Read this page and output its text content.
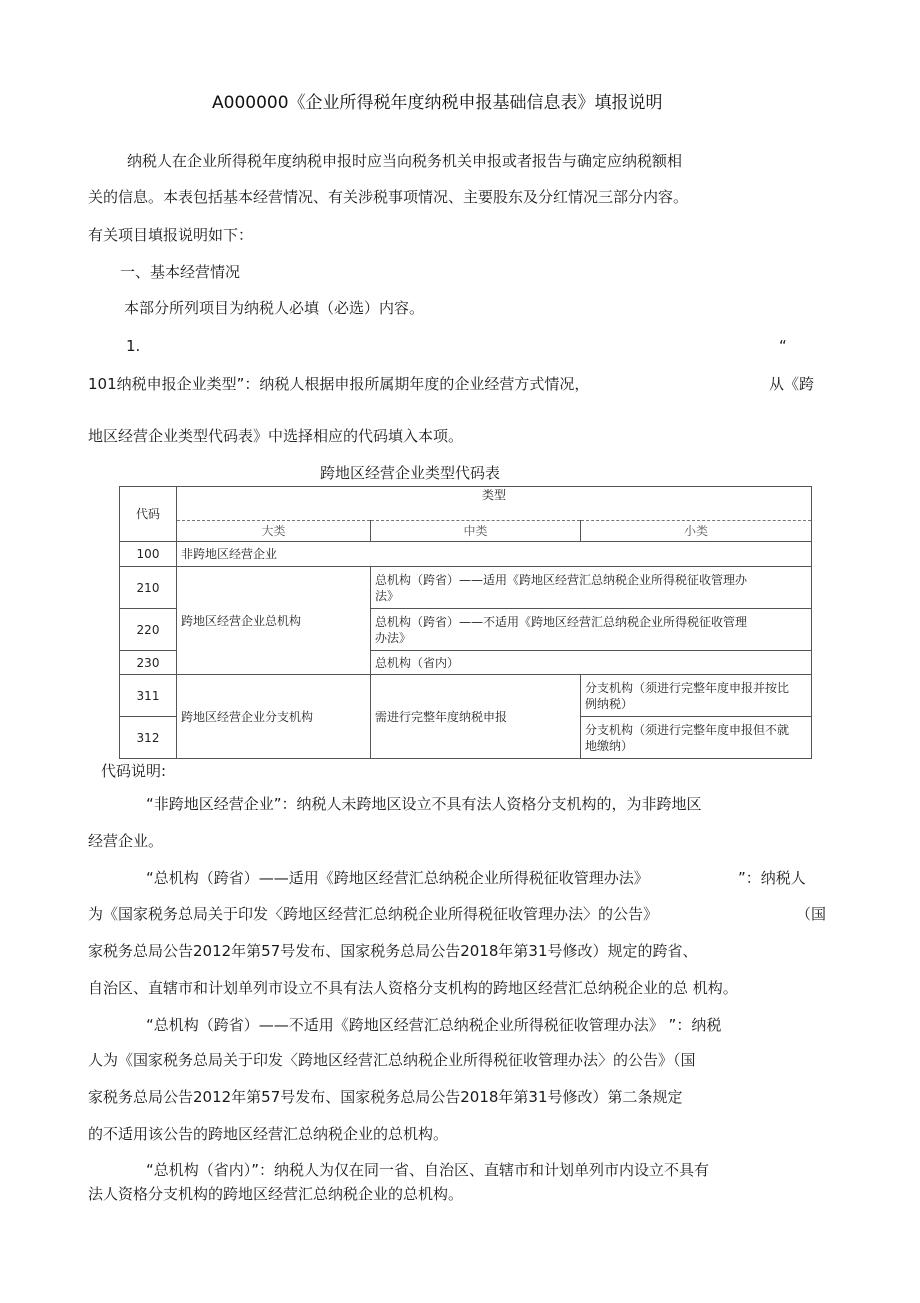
A000000《企业所得税年度纳税申报基础信息表》填报说明
纳税人在企业所得税年度纳税申报时应当向税务机关申报或者报告与确定应纳税额相
关的信息。本表包括基本经营情况、有关涉税事项情况、主要股东及分红情况三部分内容。
有关项目填报说明如下：
一、基本经营情况
本部分所列项目为纳税人必填（必选）内容。
1.	“
101纳税申报企业类型”：纳税人根据申报所属期年度的企业经营方式情况，	从《跨
地区经营企业类型代码表》中选择相应的代码填入本项。
跨地区经营企业类型代码表
代码	类型		
	大类	中类	小类
100	非跨地区经营企业		
210	跨地区经营企业总机构	总机构（跨省）——适用《跨地区经营汇总纳税企业所得税征收管理办法》	
220		总机构（跨省）——不适用《跨地区经营汇总纳税企业所得税征收管理办法》	
230		总机构（省内）	
311	跨地区经营企业分支机构	需进行完整年度纳税申报	分支机构（须进行完整年度申报并按比例纳税）
312			分支机构（须进行完整年度申报但不就地缴纳）
代码说明:
“非跨地区经营企业”：纳税人未跨地区设立不具有法人资格分支机构的，为非跨地区
经营企业。
“总机构（跨省）——适用《跨地区经营汇总纳税企业所得税征收管理办法》	”：纳税人
为《国家税务总局关于印发〈跨地区经营汇总纳税企业所得税征收管理办法〉的公告》	（国
家税务总局公告2012年第57号发布、国家税务总局公告2018年第31号修改）规定的跨省、
自治区、直辖市和计划单列市设立不具有法人资格分支机构的跨地区经营汇总纳税企业的总 机构。
“总机构（跨省）——不适用《跨地区经营汇总纳税企业所得税征收管理办法》 ”：纳税
人为《国家税务总局关于印发〈跨地区经营汇总纳税企业所得税征收管理办法〉的公告》（国
家税务总局公告2012年第57号发布、国家税务总局公告2018年第31号修改）第二条规定
的不适用该公告的跨地区经营汇总纳税企业的总机构。
“总机构（省内）”：纳税人为仅在同一省、自治区、直辖市和计划单列市内设立不具有
法人资格分支机构的跨地区经营汇总纳税企业的总机构。
